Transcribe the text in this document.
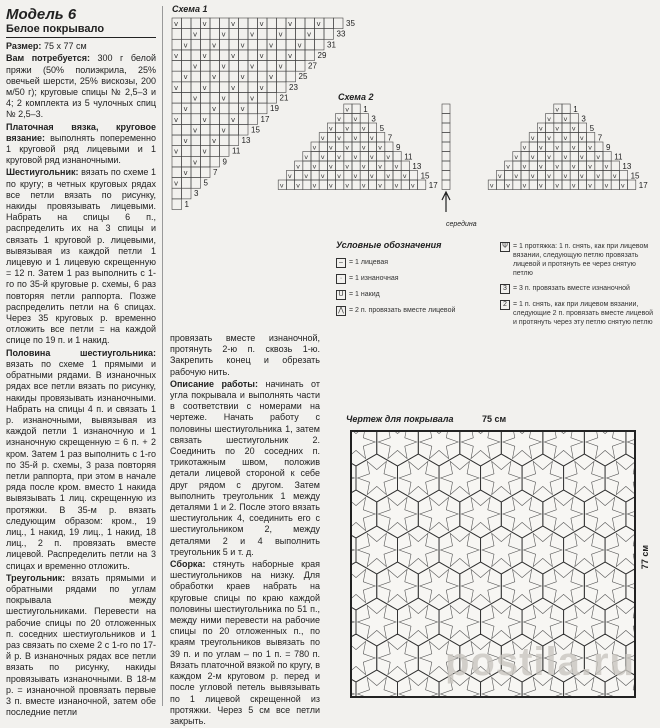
Модель 6
Белое покрывало
Размер: 75 x 77 см
Вам потребуется: 300 г белой пряжи (50% полиэкрила, 25% овечьей шерсти, 25% вискозы, 200 м/50 г); круговые спицы № 2,5–3 и 4; 2 комплекта из 5 чулочных спиц № 2,5–3.
Платочная вязка, круговое вязание: выполнять попеременно 1 круговой ряд лицевыми и 1 круговой ряд изнаночными.
Шестиугольник: вязать по схеме 1 по кругу; в четных круговых рядах все петли вязать по рисунку, накиды провязывать лицевыми. Набрать на спицы 6 п., распределить их на 3 спицы и связать 1 круговой р. лицевыми, вывязывая из каждой петли 1 лицевую и 1 лицевую скрещенную = 12 п. Затем 1 раз выполнить с 1-го по 35-й круговые р. схемы, 6 раз повторяя петли раппорта. Позже распределить петли на 6 спицах. Через 35 круговых р. временно отложить все петли = на каждой спице по 19 п. и 1 накид.
Половина шестиугольника: вязать по схеме 1 прямыми и обратными рядами. В изнаночных рядах все петли вязать по рисунку, накиды провязывать изнаночными. Набрать на спицы 4 п. и связать 1 р. изнаночными, вывязывая из каждой петли 1 изнаночную и 1 изнаночную скрещенную = 6 п. + 2 кром. Затем 1 раз выполнить с 1-го по 35-й р. схемы, 3 раза повторяя петли раппорта, при этом в начале ряда после кром. вместо 1 накида вывязывать 1 лиц. скрещенную из протяжки. В 35-м р. вязать следующим образом: кром., 19 лиц., 1 накид, 19 лиц., 1 накид, 18 лиц., 2 п. провязать вместе лицевой. Распределить петли на 3 спицах и временно отложить.
Треугольник: вязать прямыми и обратными рядами по углам покрывала между шестиугольниками. Перевести на рабочие спицы по 20 отложенных п. соседних шестиугольников и 1 раз связать по схеме 2 с 1-го по 17-й р. В изнаночных рядах все петли вязать по рисунку, накиды провязывать изнаночными. В 18-м р. = изнаночной провязать первые 3 п. вместе изнаночной, затем обе последние петли
провязать вместе изнаночной, протянуть 2-ю п. сквозь 1-ю. Закрепить конец и обрезать рабочую нить.
Описание работы: начинать от угла покрывала и выполнять части в соответствии с номерами на чертеже. Начать работу с половины шестиугольника 1, затем связать шестиугольник 2. Соединить по 20 соседних п. трикотажным швом, положив детали лицевой стороной к себе друг рядом с другом. Затем выполнить треугольник 1 между деталями 1 и 2. После этого вязать шестиугольник 4, соединить его с шестиугольником 2, между деталями 2 и 4 выполнить треугольник 5 и т. д.
Сборка: стянуть наборные края шестиугольников на низку. Для обработки краев набрать на круговые спицы по краю каждой половины шестиугольника по 51 п., между ними перевести на рабочие спицы по 20 отложенных п., по краям треугольников вывязать по 39 п. и по углам – по 1 п. = 780 п. Вязать платочной вязкой по кругу, в каждом 2-м круговом р. перед и после угловой петель вывязывать по 1 лицевой скрещенной из протяжки. Через 5 см все петли закрыть.
Схема 1
v	v	v	v	v	v	35
v	v	v	v	v	33
v	v	v	v	v	31
v	v	v	v	v	29
v	v	v	v	27
v	v	v	v	25
v	v	v	v	23
v	v	v	21
v	v	v	19
v	v	v	17
v	v	15
v	v	13
v	v	11
v	9
v	7
v	5
3
1
Схема 2
v 1
v v 3
v v v 5
v v v v 7
v v v v v 9
v v v v v v 11
v v v v v v v 13
v v v v v v v v 15
v v v v v v v v v 17
v 1
v v 3
v v v 5
v v v v 7
v v v v v 9
v v v v v v 11
v v v v v v v 13
v v v v v v v v 15
v v v v v v v v v 17
середина
Условные обозначения
– = 1 лицевая
· = 1 изнаночная
U = 1 накид
⋀ = 2 п. провязать вместе лицевой
Ψ = 1 протяжка: 1 п. снять, как при лицевом вязании, следующую петлю провязать лицевой и протянуть ее через снятую петлю
3 = 3 п. провязать вместе изнаночной
2 = 1 п. снять, как при лицевом вязании, следующие 2 п. провязать вместе лицевой и протянуть через эту петлю снятую петлю
Чертеж для покрывала	75 см
77 см
postila.ru
